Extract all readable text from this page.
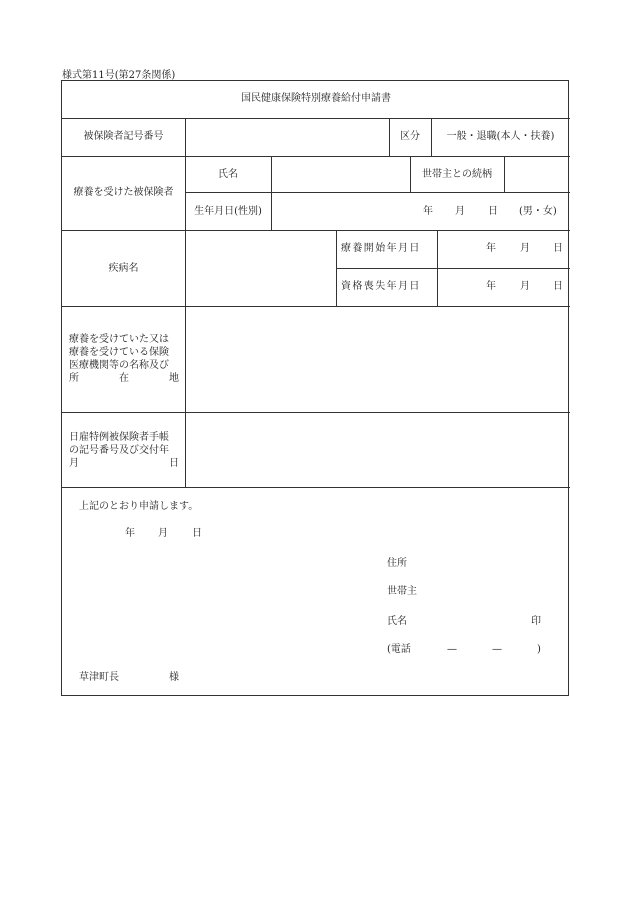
様式第11号(第27条関係)
国民健康保険特別療養給付申請書
被保険者記号番号	区分	一般・退職(本人・扶養)
療養を受けた被保険者
氏名	世帯主との続柄
生年月日(性別)	年 月 日 (男・女)
疾病名
療養開始年月日	年 月 日
資格喪失年月日	年 月 日
療養を受けていた又は
療養を受けている保険
医療機関等の名称及び
所	在	地
日雇特例被保険者手帳
の記号番号及び交付年
月	日
上記のとおり申請します。
年 月 日
住所
世帯主
氏名	印
(電話	—	—	)
草津町長	様
